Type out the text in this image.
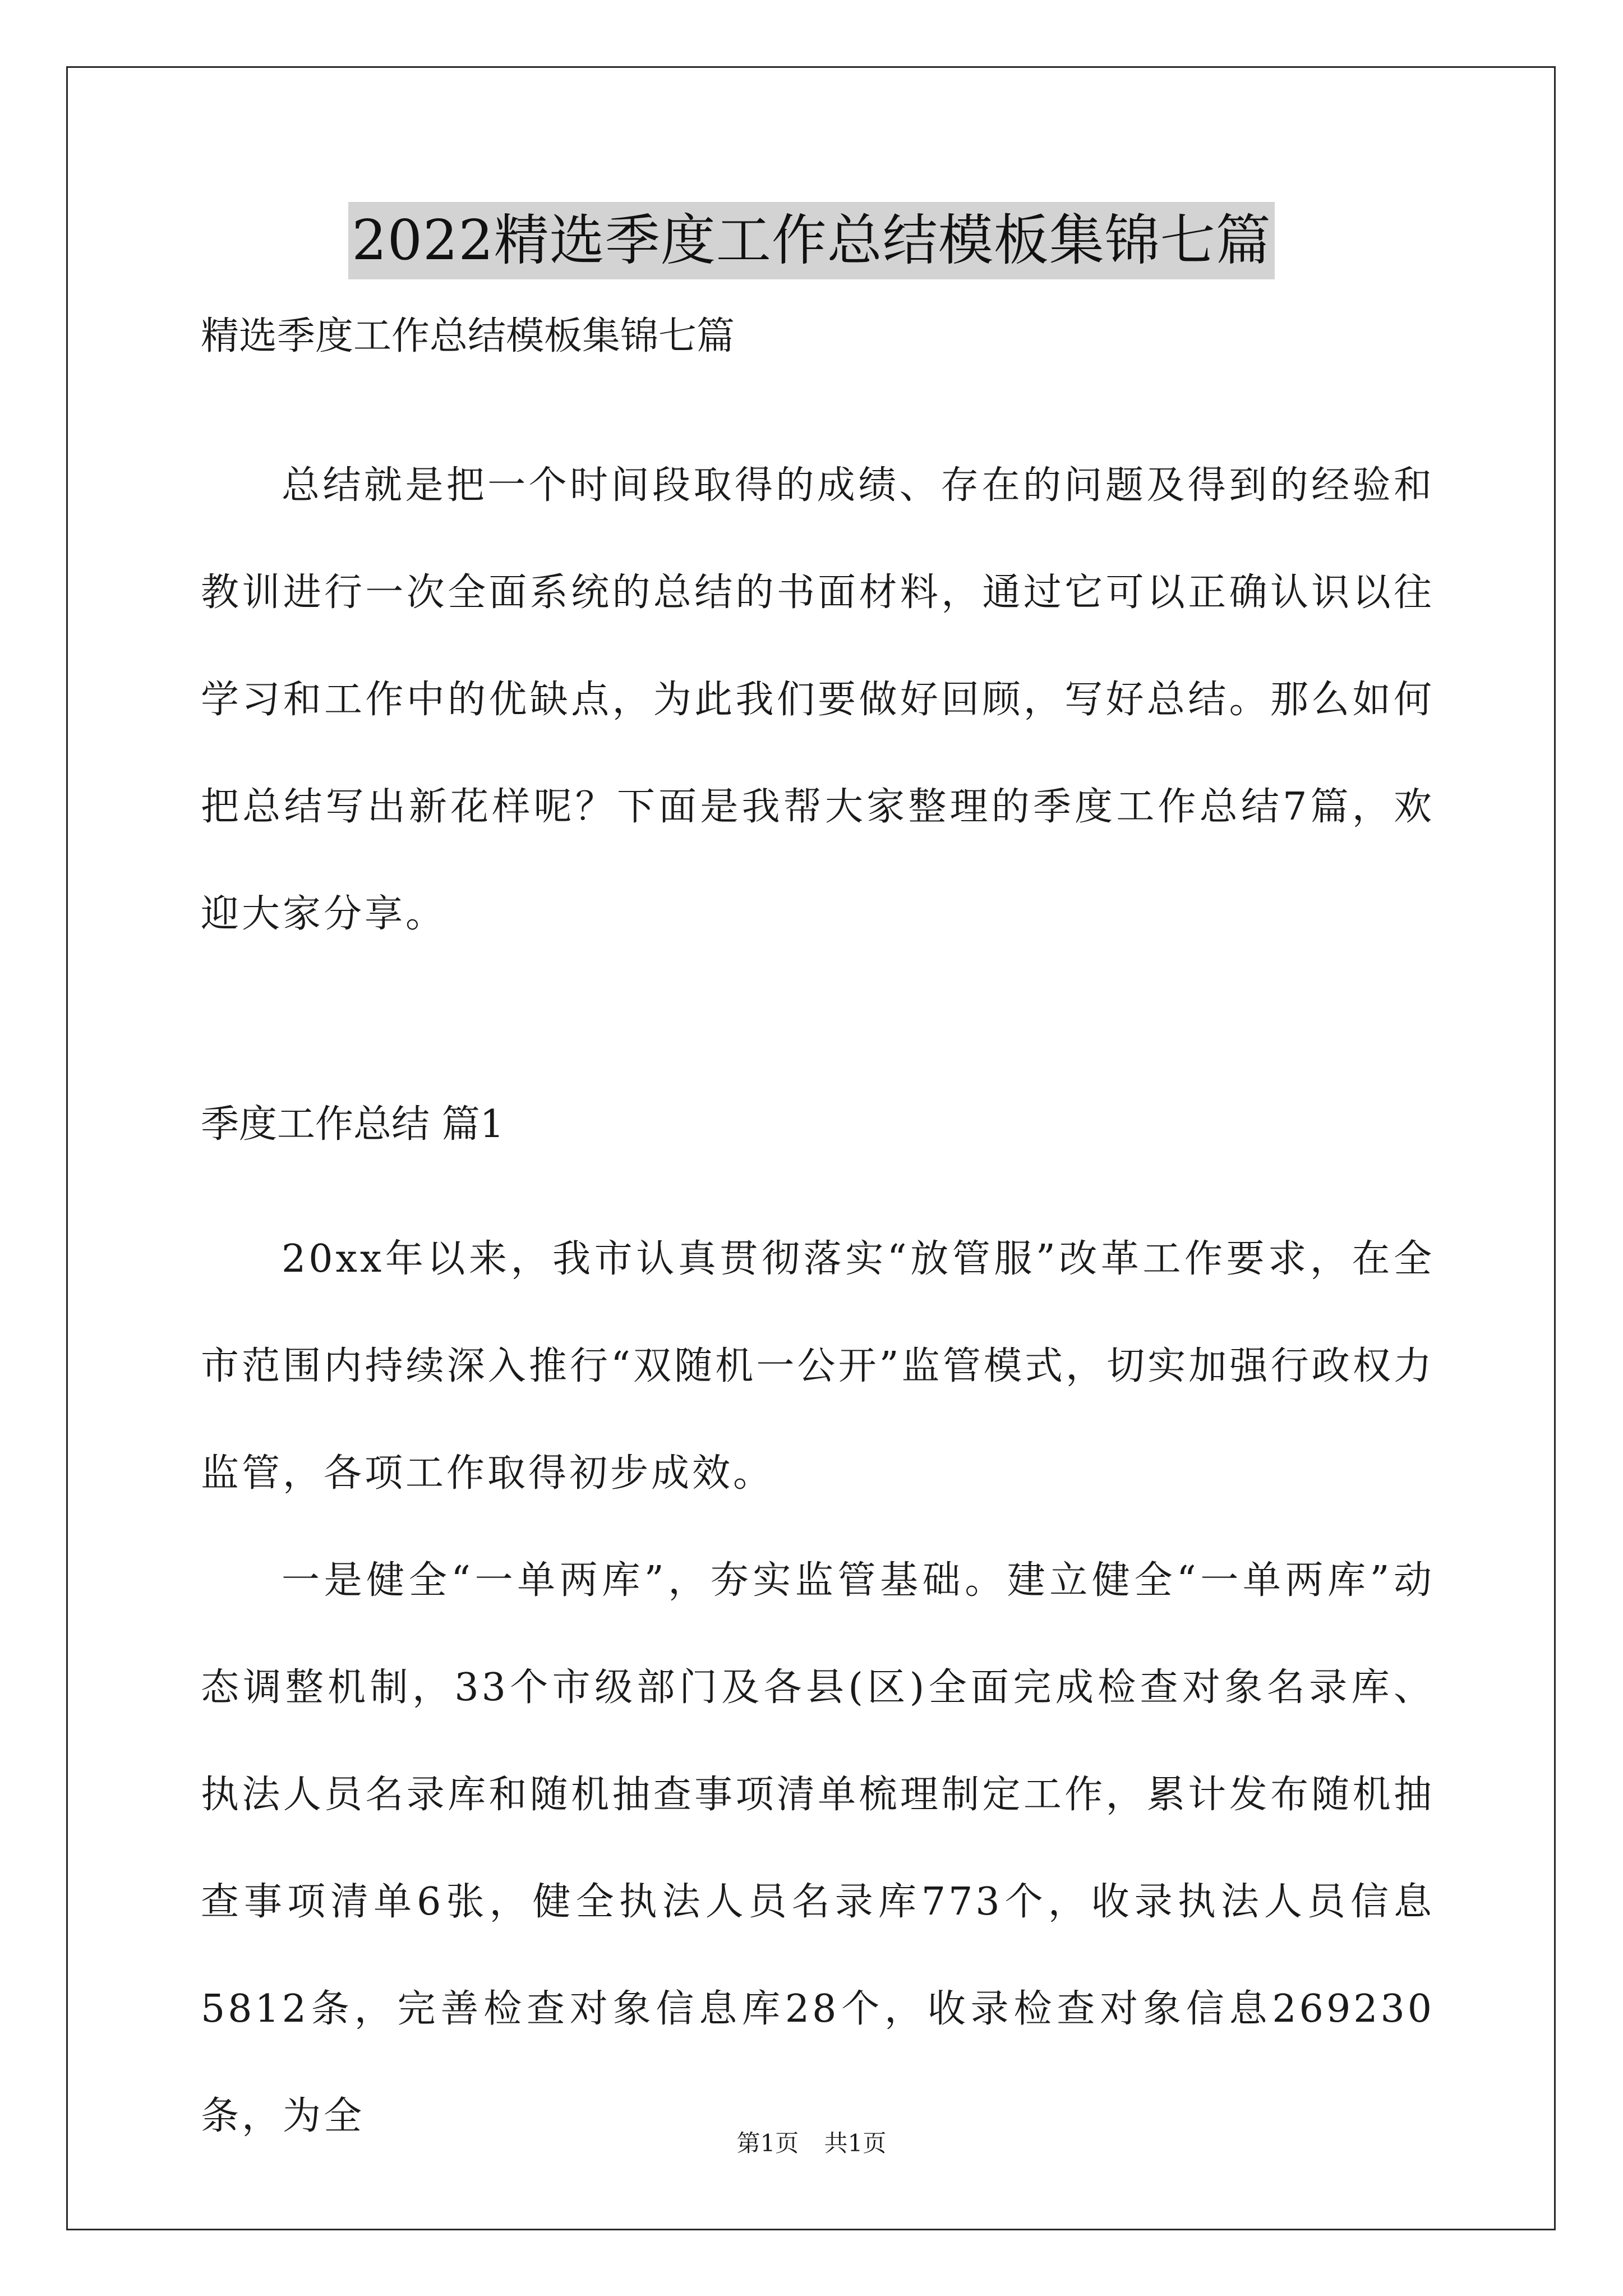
2022精选季度工作总结模板集锦七篇

精选季度工作总结模板集锦七篇

总结就是把一个时间段取得的成绩、存在的问题及得到的经验和教训进行一次全面系统的总结的书面材料，通过它可以正确认识以往学习和工作中的优缺点，为此我们要做好回顾，写好总结。那么如何把总结写出新花样呢？下面是我帮大家整理的季度工作总结7篇，欢迎大家分享。

季度工作总结 篇1

20xx年以来，我市认真贯彻落实“放管服”改革工作要求，在全市范围内持续深入推行“双随机一公开”监管模式，切实加强行政权力监管，各项工作取得初步成效。

一是健全“一单两库”，夯实监管基础。建立健全“一单两库”动态调整机制，33个市级部门及各县(区)全面完成检查对象名录库、执法人员名录库和随机抽查事项清单梳理制定工作，累计发布随机抽查事项清单6张，健全执法人员名录库773个，收录执法人员信息5812条，完善检查对象信息库28个，收录检查对象信息269230条，为全

第1页 共1页
